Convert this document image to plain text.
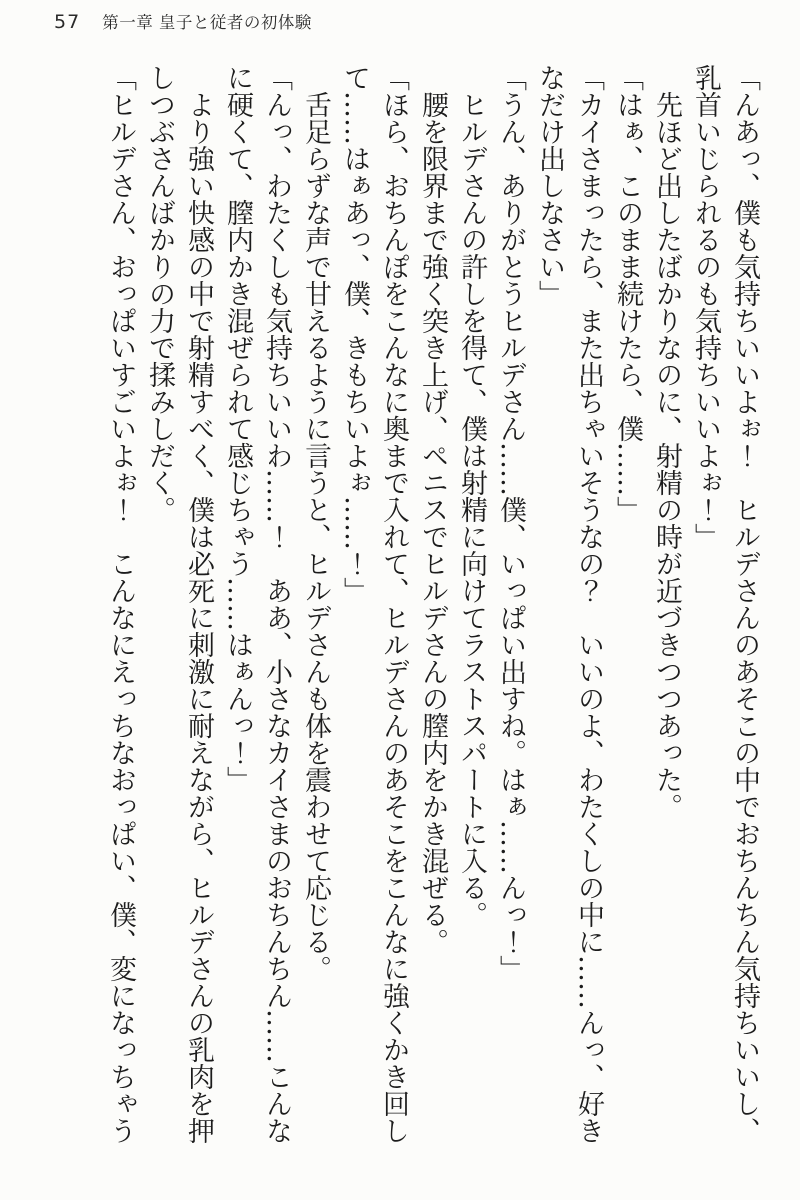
57 第一章 皇子と従者の初体験

「んあっ、僕も気持ちいいよぉ！　ヒルデさんのあそこの中でおちんちん気持ちいいし、

乳首いじられるのも気持ちいいよぉ！」

先ほど出したばかりなのに、射精の時が近づきつつあった。

「はぁ、このまま続けたら、僕……」

「カイさまったら、また出ちゃいそうなの？　いいのよ、わたくしの中に……んっ、好き

なだけ出しなさい」

「うん、ありがとうヒルデさん……僕、いっぱい出すね。はぁ……んっ！」

ヒルデさんの許しを得て、僕は射精に向けてラストスパートに入る。

腰を限界まで強く突き上げ、ペニスでヒルデさんの膣内をかき混ぜる。

「ほら、おちんぽをこんなに奥まで入れて、ヒルデさんのあそこをこんなに強くかき回し

て……はぁあっ、僕、きもちいよぉ……！」

舌足らずな声で甘えるように言うと、ヒルデさんも体を震わせて応じる。

「んっ、わたくしも気持ちいいわ……！　ああ、小さなカイさまのおちんちん……こんな

に硬くて、膣内かき混ぜられて感じちゃう……はぁんっ！」

より強い快感の中で射精すべく、僕は必死に刺激に耐えながら、ヒルデさんの乳肉を押

しつぶさんばかりの力で揉みしだく。

「ヒルデさん、おっぱいすごいよぉ！　こんなにえっちなおっぱい、僕、変になっちゃう
